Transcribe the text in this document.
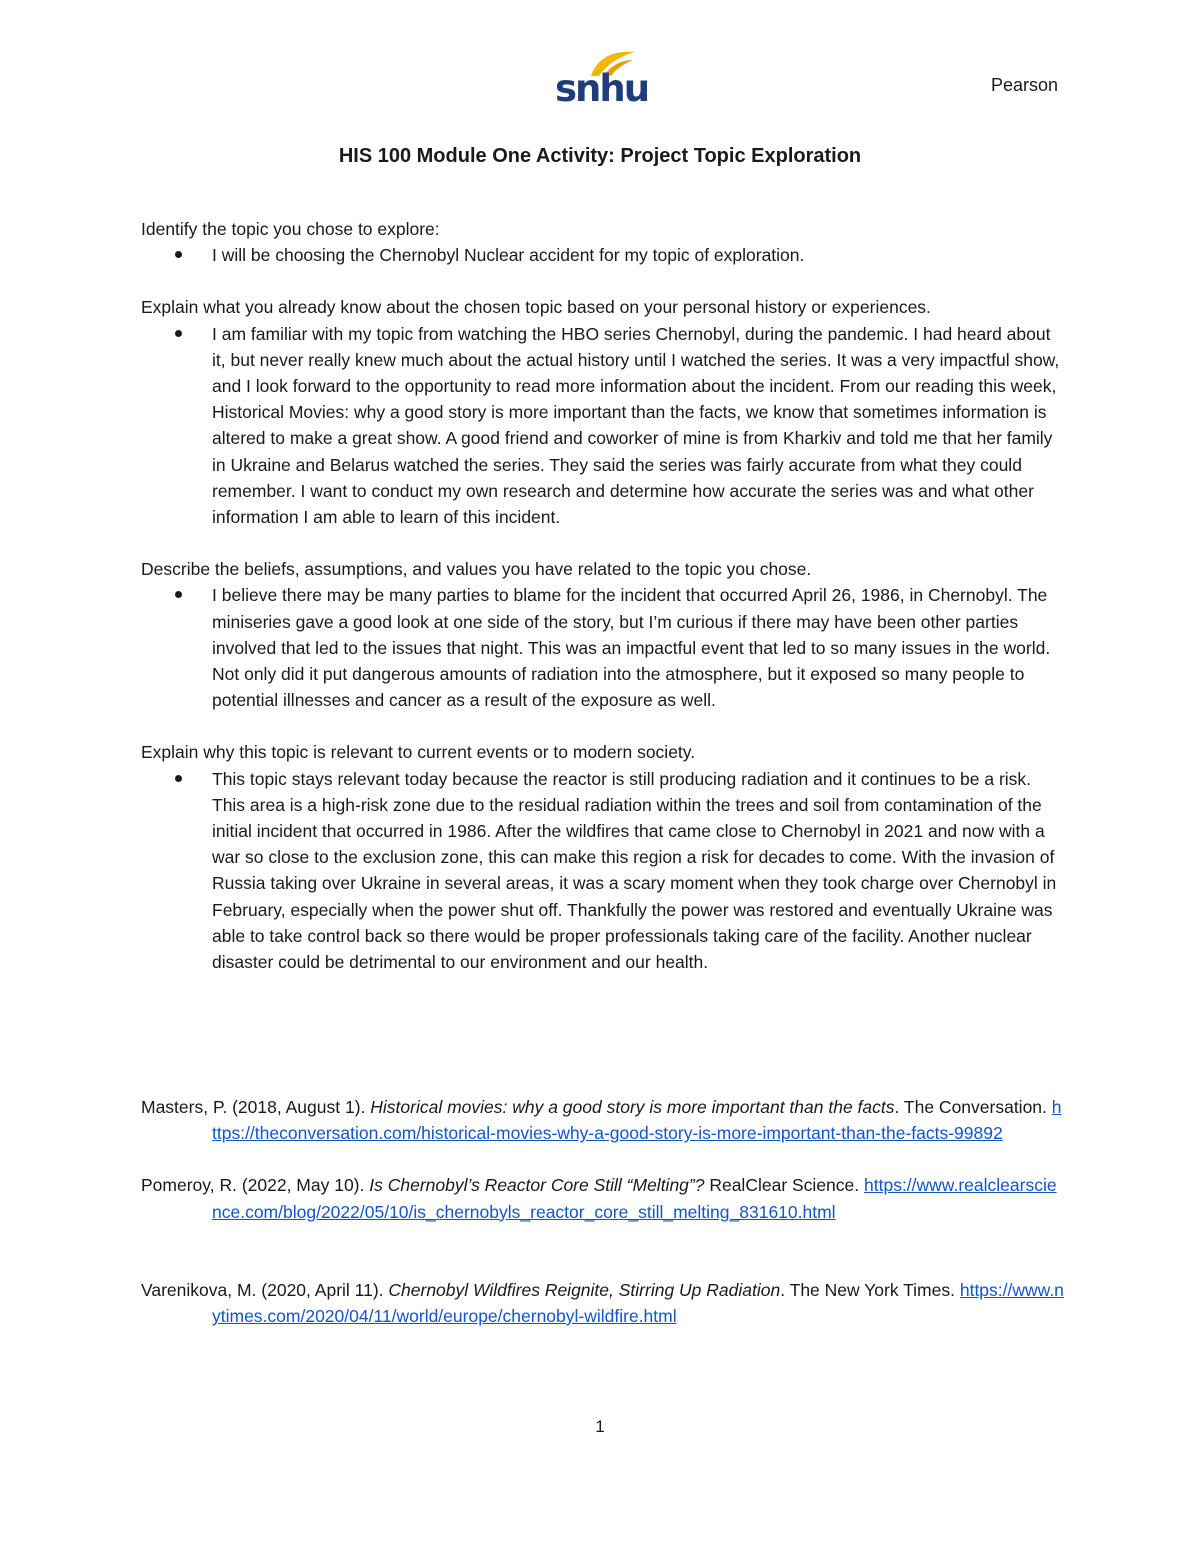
snhu	Pearson
HIS 100 Module One Activity: Project Topic Exploration

Identify the topic you chose to explore:

I will be choosing the Chernobyl Nuclear accident for my topic of exploration.

Explain what you already know about the chosen topic based on your personal history or experiences.

I am familiar with my topic from watching the HBO series Chernobyl, during the pandemic. I had heard about it, but never really knew much about the actual history until I watched the series. It was a very impactful show, and I look forward to the opportunity to read more information about the incident. From our reading this week, Historical Movies: why a good story is more important than the facts, we know that sometimes information is altered to make a great show. A good friend and coworker of mine is from Kharkiv and told me that her family in Ukraine and Belarus watched the series. They said the series was fairly accurate from what they could remember. I want to conduct my own research and determine how accurate the series was and what other information I am able to learn of this incident.

Describe the beliefs, assumptions, and values you have related to the topic you chose.

I believe there may be many parties to blame for the incident that occurred April 26, 1986, in Chernobyl. The miniseries gave a good look at one side of the story, but I’m curious if there may have been other parties involved that led to the issues that night. This was an impactful event that led to so many issues in the world. Not only did it put dangerous amounts of radiation into the atmosphere, but it exposed so many people to potential illnesses and cancer as a result of the exposure as well.

Explain why this topic is relevant to current events or to modern society.

This topic stays relevant today because the reactor is still producing radiation and it continues to be a risk. This area is a high-risk zone due to the residual radiation within the trees and soil from contamination of the initial incident that occurred in 1986. After the wildfires that came close to Chernobyl in 2021 and now with a war so close to the exclusion zone, this can make this region a risk for decades to come. With the invasion of Russia taking over Ukraine in several areas, it was a scary moment when they took charge over Chernobyl in February, especially when the power shut off. Thankfully the power was restored and eventually Ukraine was able to take control back so there would be proper professionals taking care of the facility. Another nuclear disaster could be detrimental to our environment and our health.

Masters, P. (2018, August 1). Historical movies: why a good story is more important than the facts. The Conversation. https://theconversation.com/historical-movies-why-a-good-story-is-more-important-than-the-facts-99892

Pomeroy, R. (2022, May 10). Is Chernobyl’s Reactor Core Still “Melting”? RealClear Science. https://www.realclearscience.com/blog/2022/05/10/is_chernobyls_reactor_core_still_melting_831610.html

Varenikova, M. (2020, April 11). Chernobyl Wildfires Reignite, Stirring Up Radiation. The New York Times. https://www.nytimes.com/2020/04/11/world/europe/chernobyl-wildfire.html

1
